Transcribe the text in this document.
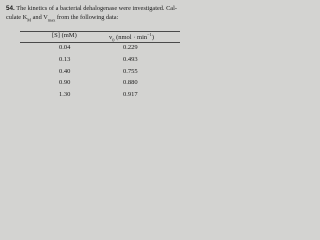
54. The kinetics of a bacterial dehalogenase were investigated. Cal-
culate $K_M$ and $V_{max}$ from the following data:
[S] (mM)	$v_0$ (nmol · $\min^{-1}$)
0.04	0.229
0.13	0.493
0.40	0.755
0.90	0.880
1.30	0.917
